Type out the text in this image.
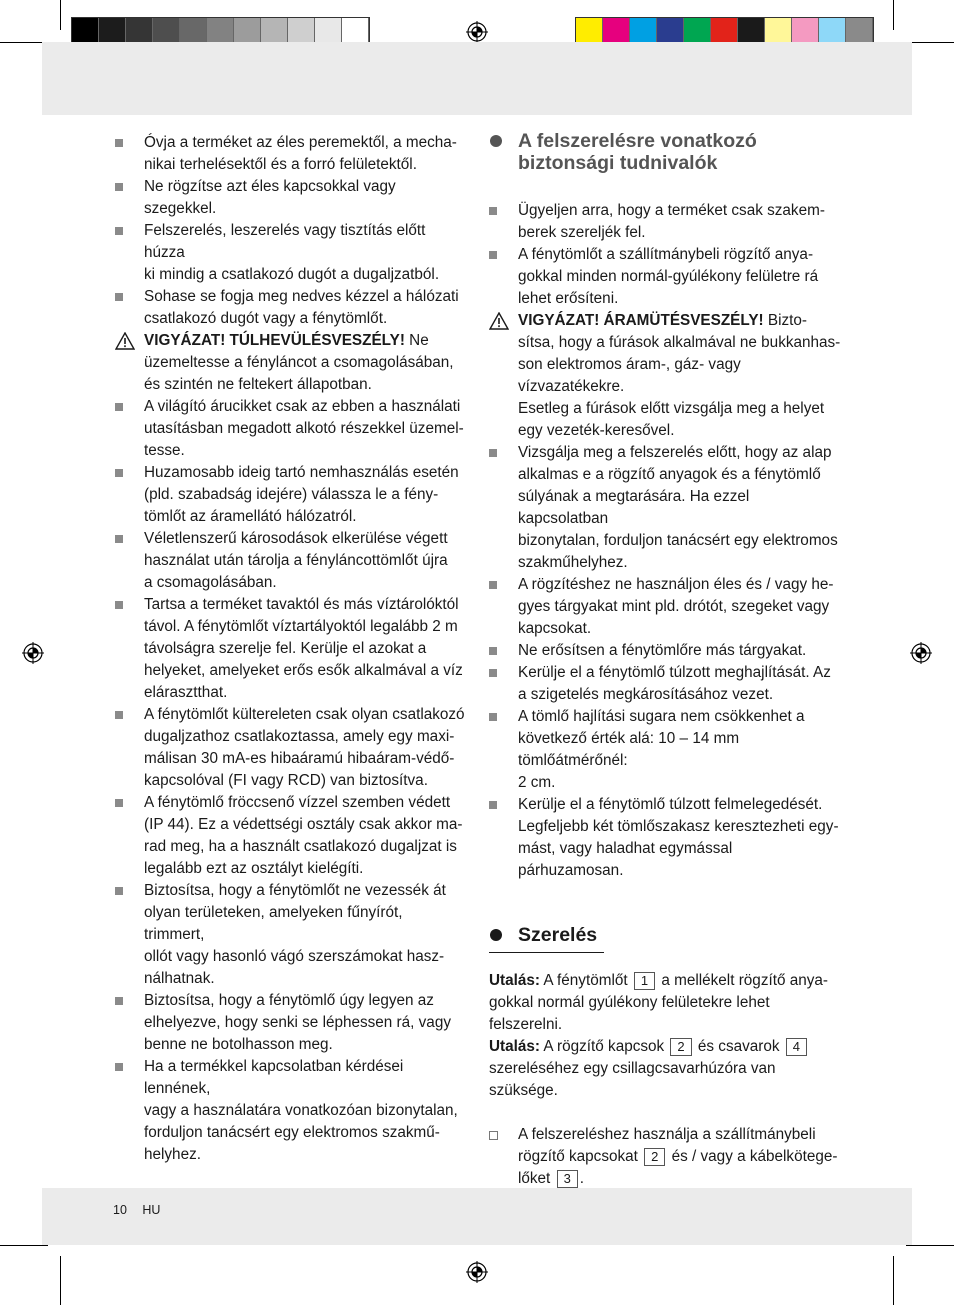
Óvja a terméket az éles peremektől, a mecha-
nikai terhelésektől és a forró felületektől.
Ne rögzítse azt éles kapcsokkal vagy szegekkel.
Felszerelés, leszerelés vagy tisztítás előtt húzza
ki mindig a csatlakozó dugót a dugaljzatból.
Sohase se fogja meg nedves kézzel a hálózati
csatlakozó dugót vagy a fénytömlőt.
VIGYÁZAT! TÚLHEVÜLÉSVESZÉLY! Ne
üzemeltesse a fényláncot a csomagolásában,
és szintén ne feltekert állapotban.
A világító árucikket csak az ebben a használati
utasításban megadott alkotó részekkel üzemel-
tesse.
Huzamosabb ideig tartó nemhasználás esetén
(pld. szabadság idejére) válassza le a fény-
tömlőt az áramellátó hálózatról.
Véletlenszerű károsodások elkerülése végett
használat után tárolja a fényláncottömlőt újra
a csomagolásában.
Tartsa a terméket tavaktól és más víztárolóktól
távol. A fénytömlőt víztartályoktól legalább 2 m
távolságra szerelje fel. Kerülje el azokat a
helyeket, amelyeket erős esők alkalmával a víz
elárasztthat.
A fénytömlőt kültereleten csak olyan csatlakozó
dugaljzathoz csatlakoztassa, amely egy maxi-
málisan 30 mA-es hibaáramú hibaáram-védő-
kapcsolóval (FI vagy RCD) van biztosítva.
A fénytömlő fröccsenő vízzel szemben védett
(IP 44). Ez a védettségi osztály csak akkor ma-
rad meg, ha a használt csatlakozó dugaljzat is
legalább ezt az osztályt kielégíti.
Biztosítsa, hogy a fénytömlőt ne vezessék át
olyan területeken, amelyeken fűnyírót, trimmert,
ollót vagy hasonló vágó szerszámokat hasz-
nálhatnak.
Biztosítsa, hogy a fénytömlő úgy legyen az
elhelyezve, hogy senki se léphessen rá, vagy
benne ne botolhasson meg.
Ha a termékkel kapcsolatban kérdései lennének,
vagy a használatára vonatkozóan bizonytalan,
forduljon tanácsért egy elektromos szakmű-
helyhez.
A felszerelésre vonatkozó
biztonsági tudnivalók
Ügyeljen arra, hogy a terméket csak szakem-
berek szereljék fel.
A fénytömlőt a szállítmánybeli rögzítő anya-
gokkal minden normál-gyúlékony felületre rá
lehet erősíteni.
VIGYÁZAT! ÁRAMÜTÉSVESZÉLY! Bizto-
sítsa, hogy a fúrások alkalmával ne bukkanhas-
son elektromos áram-, gáz- vagy vízvazatékekre.
Esetleg a fúrások előtt vizsgálja meg a helyet
egy vezeték-keresővel.
Vizsgálja meg a felszerelés előtt, hogy az alap
alkalmas e a rögzítő anyagok és a fénytömlő
súlyának a megtarására. Ha ezzel kapcsolatban
bizonytalan, forduljon tanácsért egy elektromos
szakműhelyhez.
A rögzítéshez ne használjon éles és / vagy he-
gyes tárgyakat mint pld. drótót, szegeket vagy
kapcsokat.
Ne erősítsen a fénytömlőre más tárgyakat.
Kerülje el a fénytömlő túlzott meghajlítását. Az
a szigetelés megkárosításához vezet.
A tömlő hajlítási sugara nem csökkenhet a
következő érték alá: 10 – 14 mm tömlőátmérőnél:
2 cm.
Kerülje el a fénytömlő túlzott felmelegedését.
Legfeljebb két tömlőszakasz keresztezheti egy-
mást, vagy haladhat egymással párhuzamosan.
Szerelés

Utalás: A fénytömlőt 1 a mellékelt rögzítő anya-
gokkal normál gyúlékony felületekre lehet felszerelni.

Utalás: A rögzítő kapcsok 2 és csavarok 4
szereléséhez egy csillagcsavarhúzóra van szüksége.

A felszereléshez használja a szállítmánybeli
rögzítő kapcsokat 2 és / vagy a kábelkötege-
lőket 3 .
10 HU
